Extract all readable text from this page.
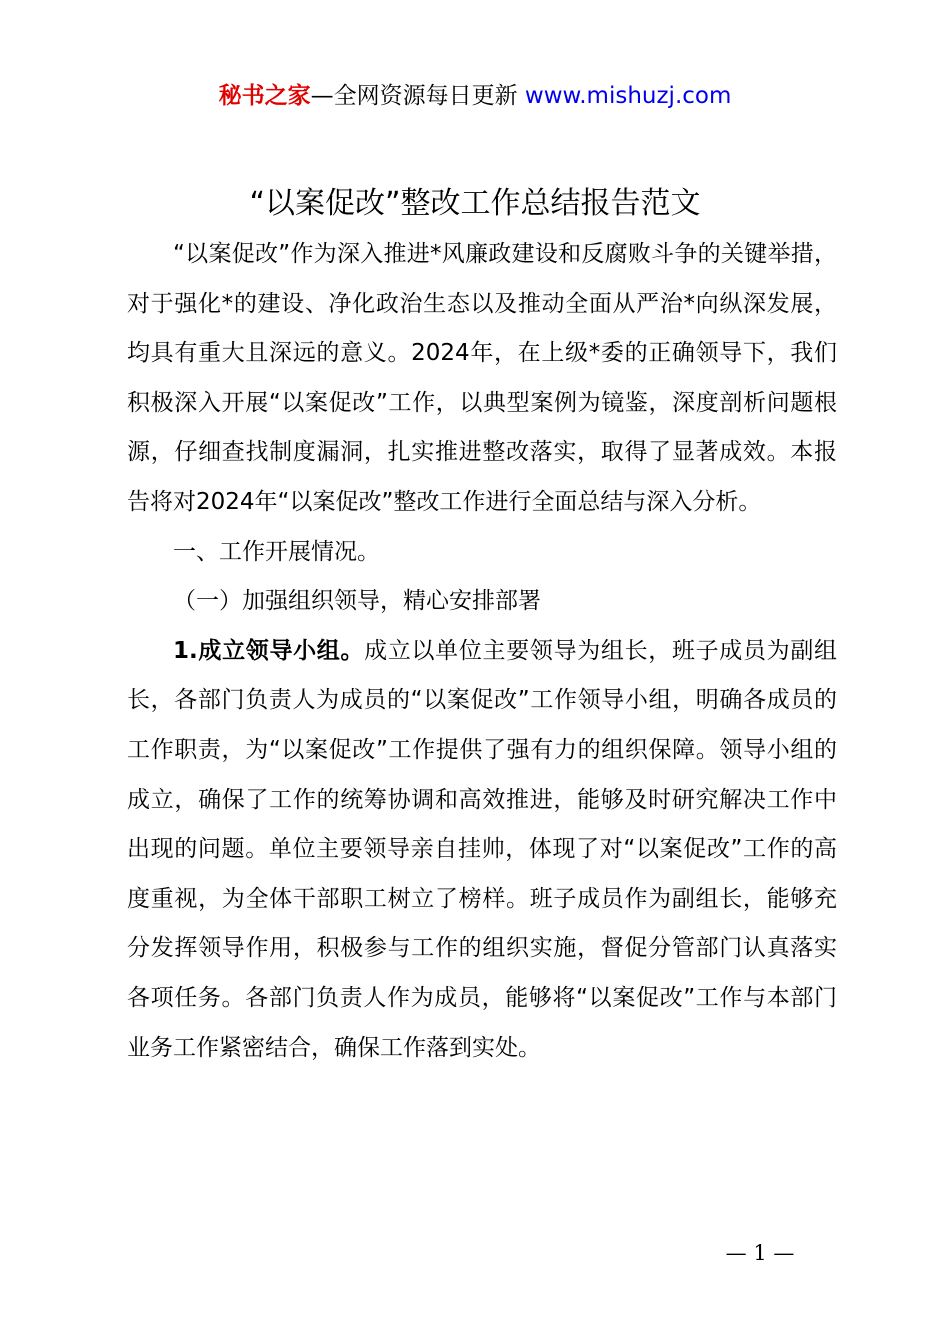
秘书之家—全网资源每日更新 www.mishuzj.com
“以案促改”整改工作总结报告范文

“以案促改”作为深入推进*风廉政建设和反腐败斗争的关键举措，对于强化*的建设、净化政治生态以及推动全面从严治*向纵深发展，均具有重大且深远的意义。2024年，在上级*委的正确领导下，我们积极深入开展“以案促改”工作，以典型案例为镜鉴，深度剖析问题根源，仔细查找制度漏洞，扎实推进整改落实，取得了显著成效。本报告将对2024年“以案促改”整改工作进行全面总结与深入分析。

一、工作开展情况。

（一）加强组织领导，精心安排部署

1.成立领导小组。成立以单位主要领导为组长，班子成员为副组长，各部门负责人为成员的“以案促改”工作领导小组，明确各成员的工作职责，为“以案促改”工作提供了强有力的组织保障。领导小组的成立，确保了工作的统筹协调和高效推进，能够及时研究解决工作中出现的问题。单位主要领导亲自挂帅，体现了对“以案促改”工作的高度重视，为全体干部职工树立了榜样。班子成员作为副组长，能够充分发挥领导作用，积极参与工作的组织实施，督促分管部门认真落实各项任务。各部门负责人作为成员，能够将“以案促改”工作与本部门业务工作紧密结合，确保工作落到实处。

— 1 —
